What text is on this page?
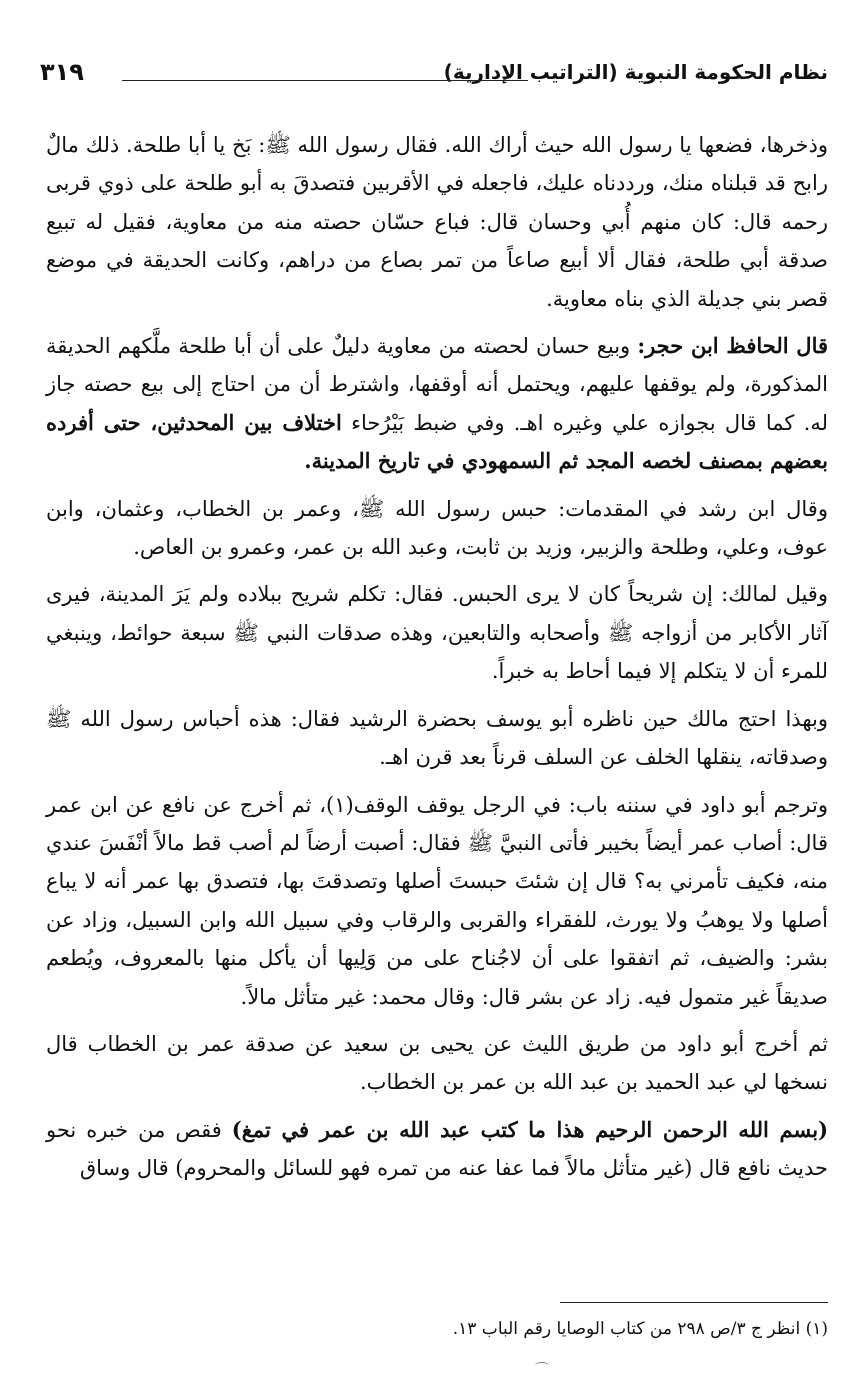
نظام الحكومة النبوية (التراتيب الإدارية)
٣١٩

وذخرها، فضعها يا رسول الله حيث أراك الله. فقال رسول الله ﷺ: بَخ يا أبا طلحة. ذلك مالٌ رابح قد قبلناه منك، ورددناه عليك، فاجعله في الأقربين فتصدقَ به أبو طلحة على ذوي قربى رحمه قال: كان منهم أُبي وحسان قال: فباع حسّان حصته منه من معاوية، فقيل له تبيع صدقة أبي طلحة، فقال ألا أبيع صاعاً من تمر بصاع من دراهم، وكانت الحديقة في موضع قصر بني جديلة الذي بناه معاوية.

قال الحافظ ابن حجر: وبيع حسان لحصته من معاوية دليلٌ على أن أبا طلحة ملَّكهم الحديقة المذكورة، ولم يوقفها عليهم، ويحتمل أنه أوقفها، واشترط أن من احتاج إلى بيع حصته جاز له. كما قال بجوازه علي وغيره اهـ. وفي ضبط بَيْرُحاء اختلاف بين المحدثين، حتى أفرده بعضهم بمصنف لخصه المجد ثم السمهودي في تاريخ المدينة.

وقال ابن رشد في المقدمات: حبس رسول الله ﷺ، وعمر بن الخطاب، وعثمان، وابن عوف، وعلي، وطلحة والزبير، وزيد بن ثابت، وعبد الله بن عمر، وعمرو بن العاص.

وقيل لمالك: إن شريحاً كان لا يرى الحبس. فقال: تكلم شريح ببلاده ولم يَرَ المدينة، فيرى آثار الأكابر من أزواجه ﷺ وأصحابه والتابعين، وهذه صدقات النبي ﷺ سبعة حوائط، وينبغي للمرء أن لا يتكلم إلا فيما أحاط به خبراً.

وبهذا احتج مالك حين ناظره أبو يوسف بحضرة الرشيد فقال: هذه أحباس رسول الله ﷺ وصدقاته، ينقلها الخلف عن السلف قرناً بعد قرن اهـ.

وترجم أبو داود في سننه باب: في الرجل يوقف الوقف(١)، ثم أخرج عن نافع عن ابن عمر قال: أصاب عمر أيضاً بخيبر فأتى النبيَّ ﷺ فقال: أصبت أرضاً لم أصب قط مالاً أنْفَسَ عندي منه، فكيف تأمرني به؟ قال إن شئتَ حبستَ أصلها وتصدقتَ بها، فتصدق بها عمر أنه لا يباع أصلها ولا يوهبُ ولا يورث، للفقراء والقربى والرقاب وفي سبيل الله وابن السبيل، وزاد عن بشر: والضيف، ثم اتفقوا على أن لاجُناح على من وَلِيها أن يأكل منها بالمعروف، ويُطعم صديقاً غير متمول فيه. زاد عن بشر قال: وقال محمد: غير متأثل مالاً.

ثم أخرج أبو داود من طريق الليث عن يحيى بن سعيد عن صدقة عمر بن الخطاب قال نسخها لي عبد الحميد بن عبد الله بن عمر بن الخطاب.

(بسم الله الرحمن الرحيم هذا ما كتب عبد الله بن عمر في تمغ) فقص من خبره نحو حديث نافع قال (غير متأثل مالاً فما عفا عنه من تمره فهو للسائل والمحروم) قال وساق

(١) انظر ج ٣/ص ٢٩٨ من كتاب الوصايا رقم الباب ١٣.
